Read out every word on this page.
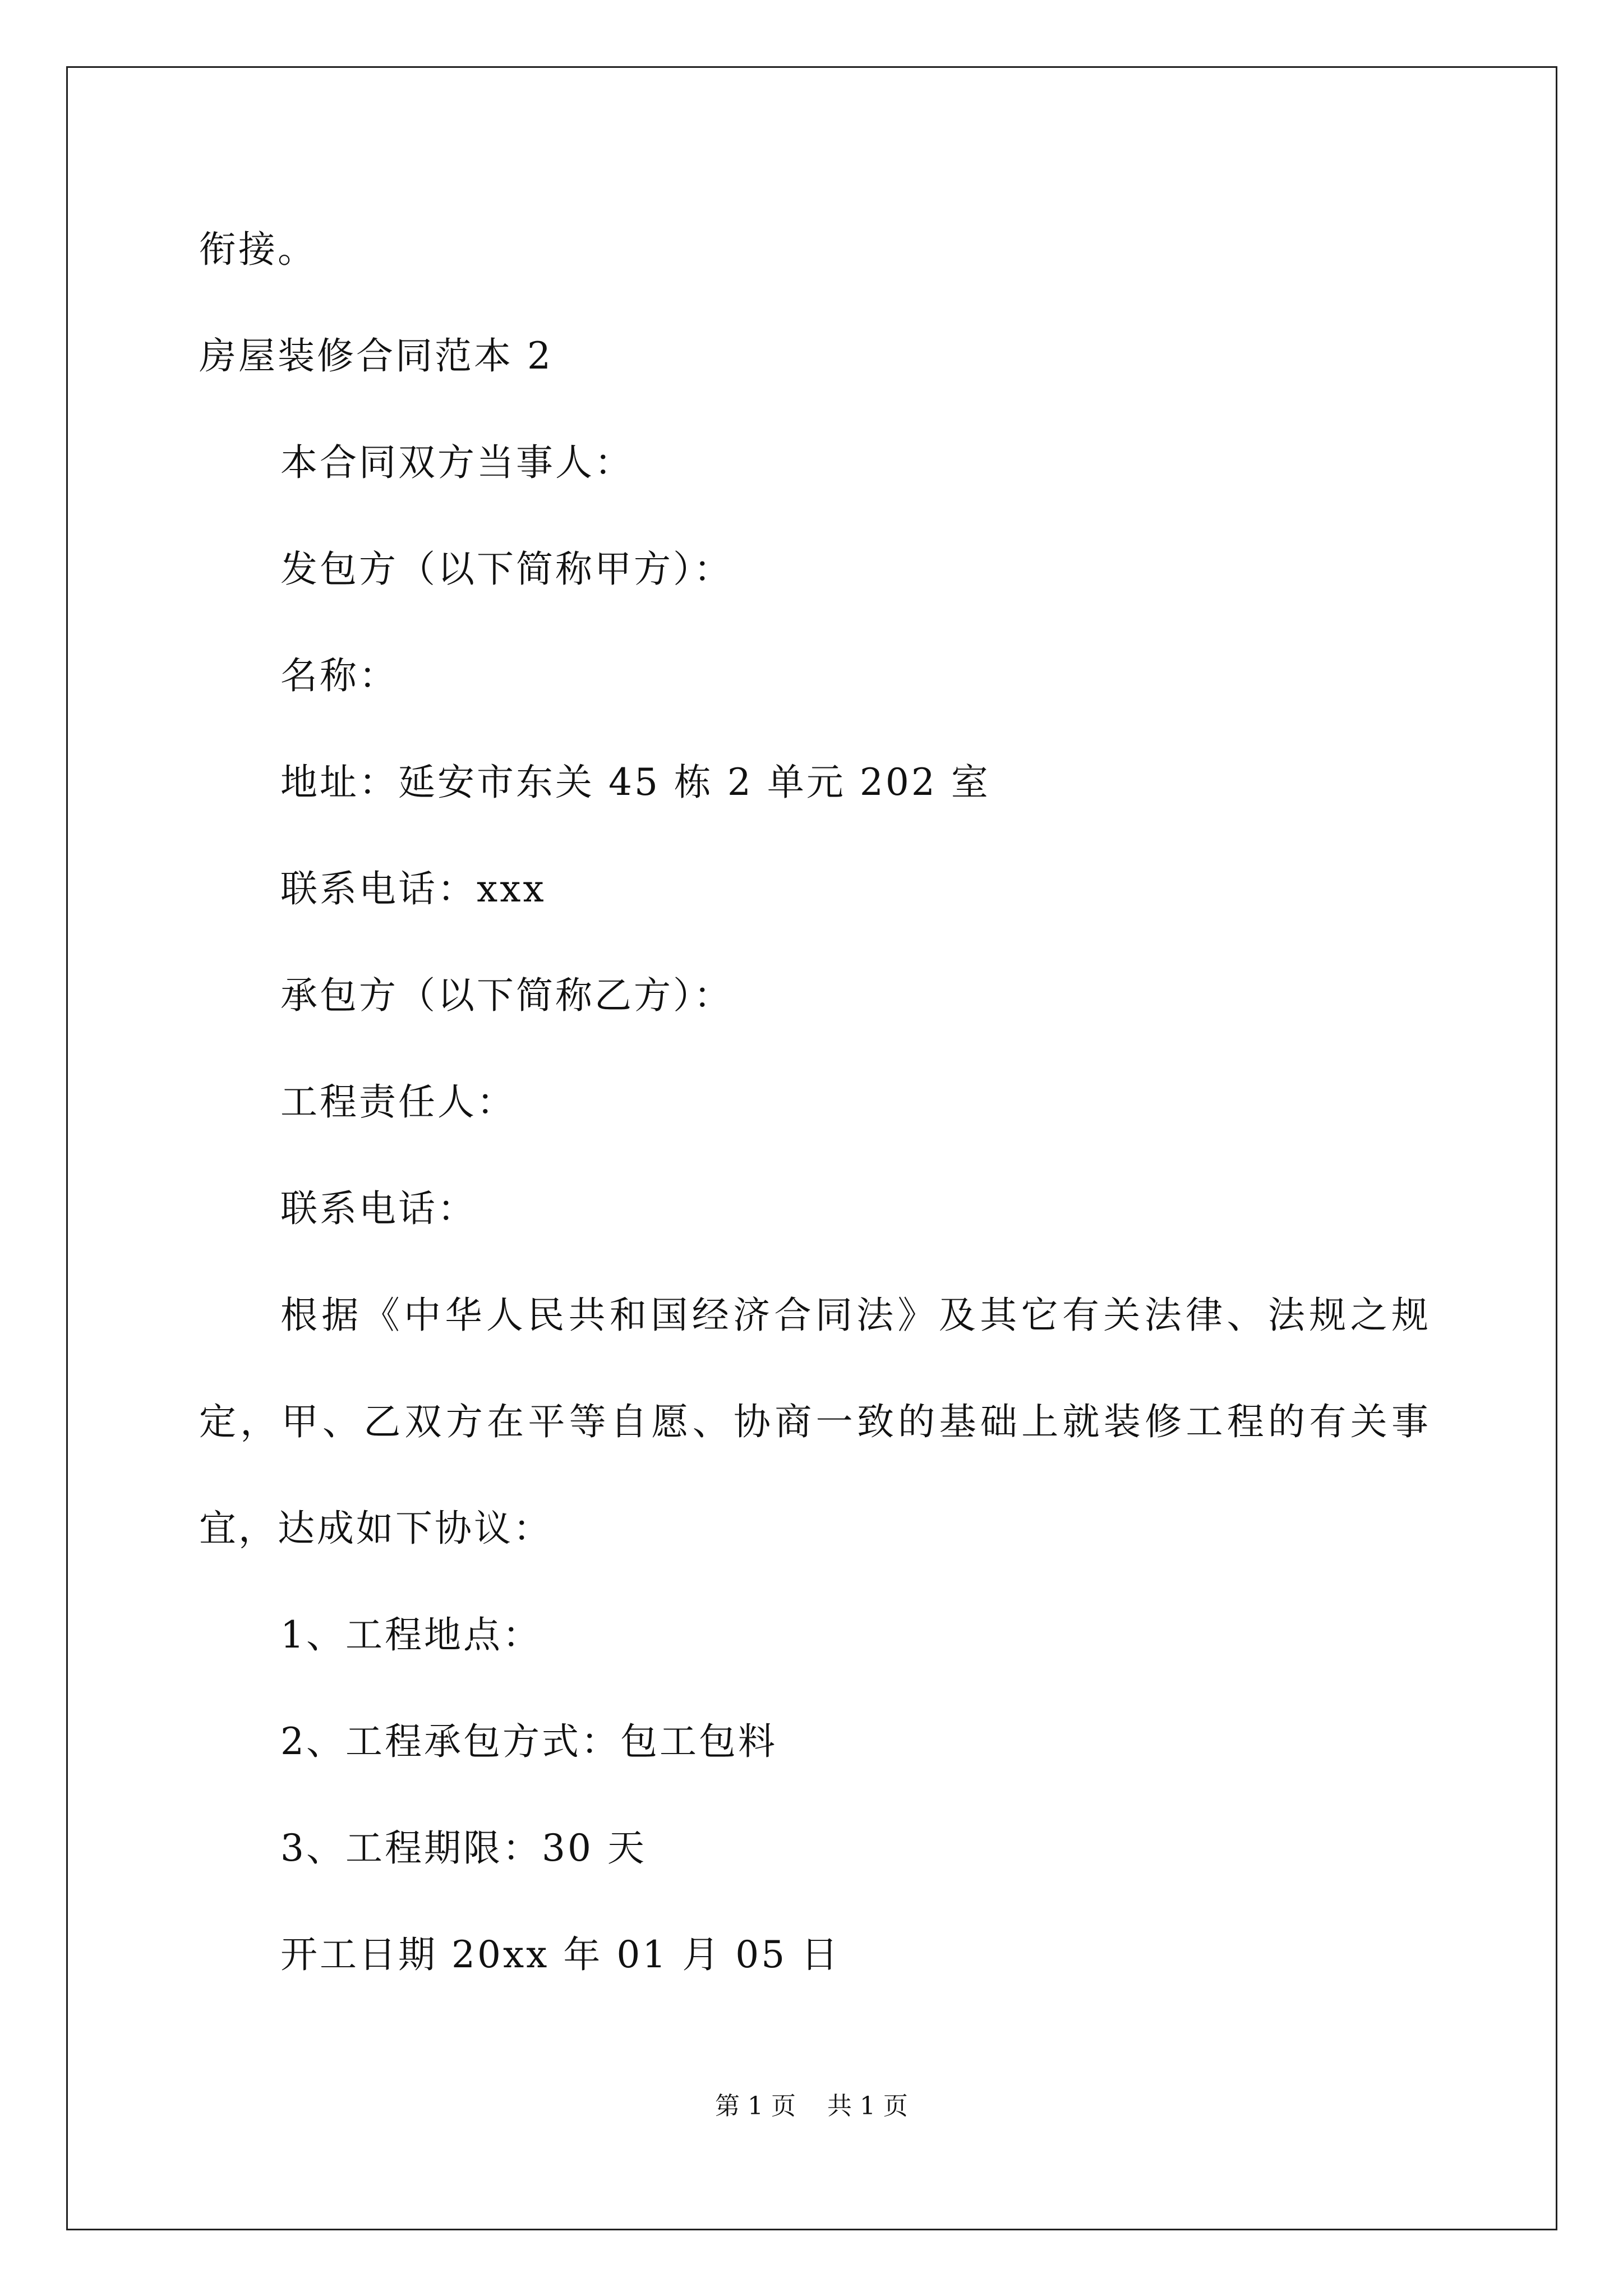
衔接。
房屋装修合同范本 2
本合同双方当事人：
发包方（以下简称甲方）：
名称：
地址：延安市东关 45 栋 2 单元 202 室
联系电话：xxx
承包方（以下简称乙方）：
工程责任人：
联系电话：
根据《中华人民共和国经济合同法》及其它有关法律、法规之规
定，甲、乙双方在平等自愿、协商一致的基础上就装修工程的有关事
宜，达成如下协议：
1、工程地点：
2、工程承包方式：包工包料
3、工程期限：30 天
开工日期 20xx 年 01 月 05 日
第 1 页    共 1 页
